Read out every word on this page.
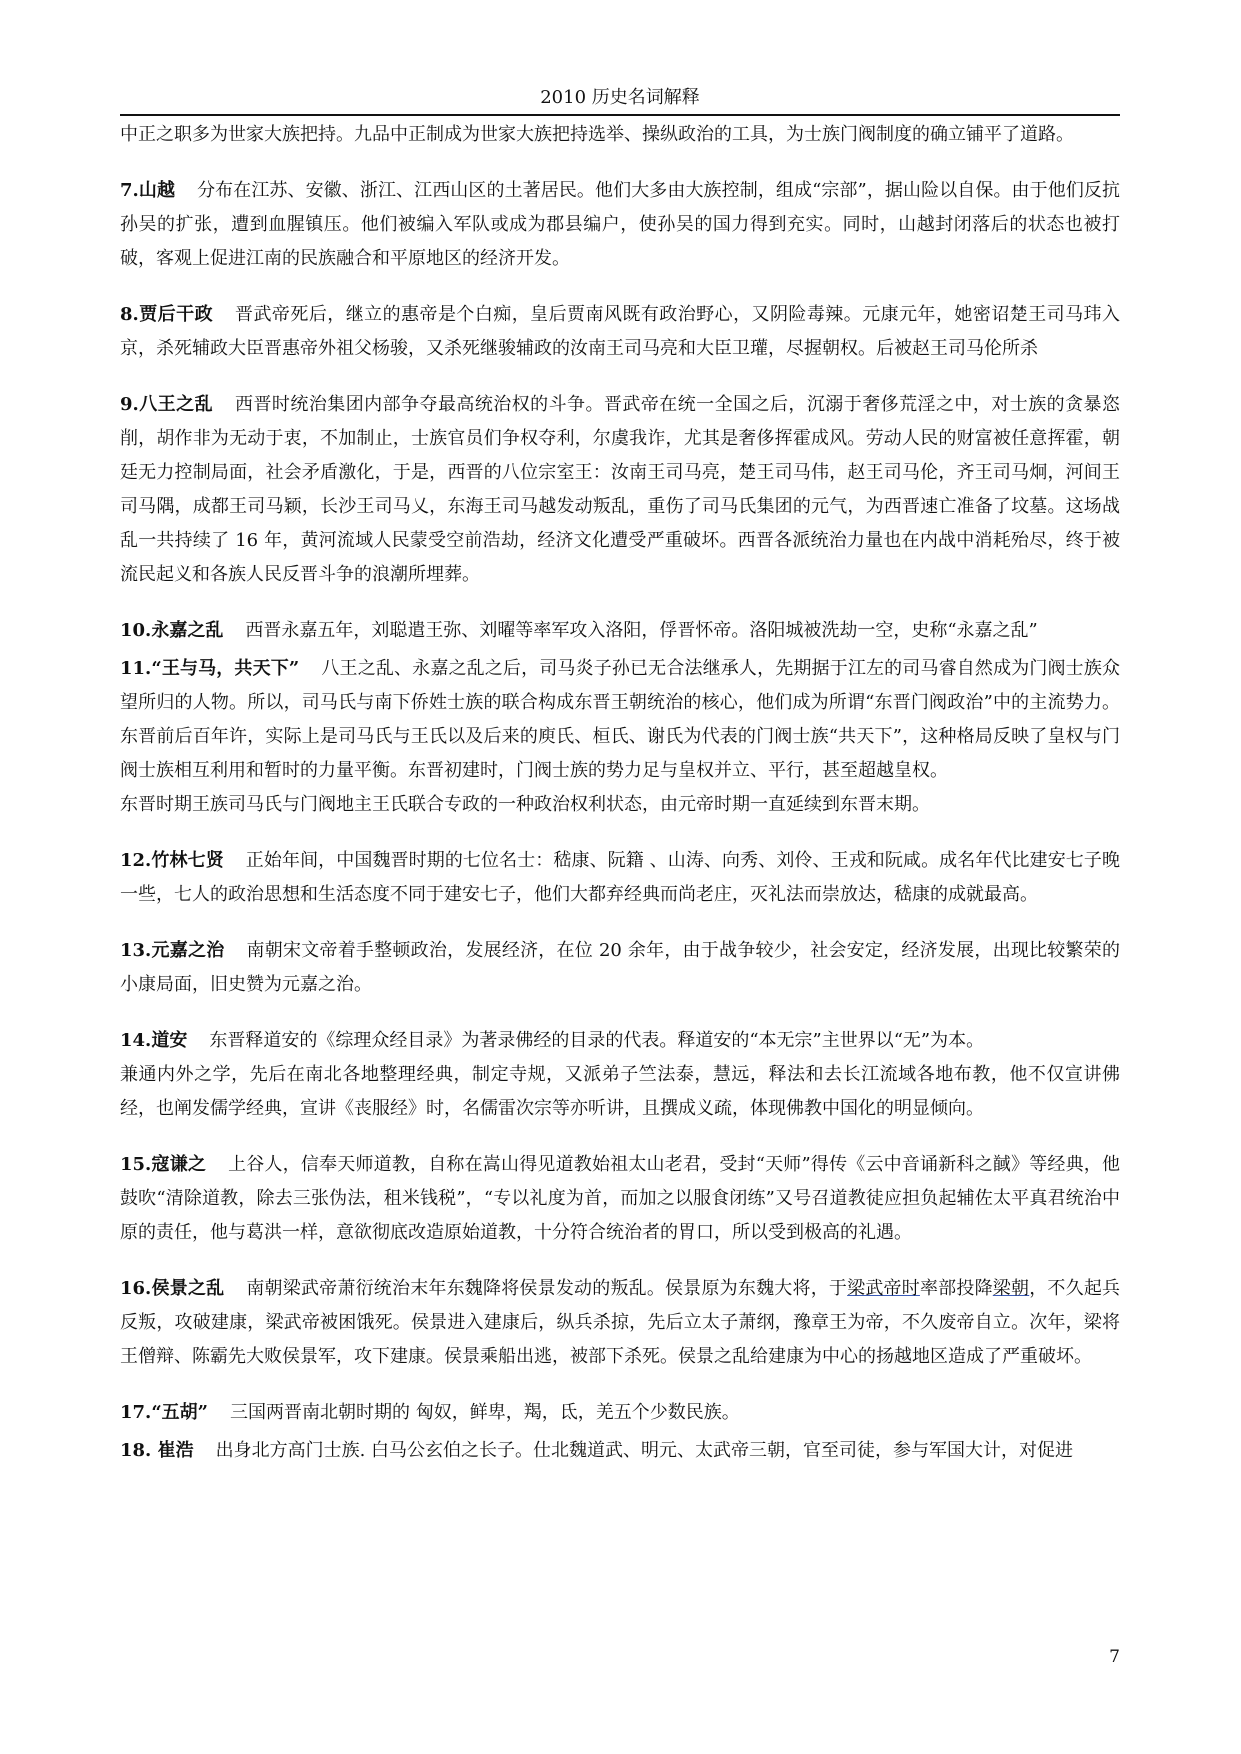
2010 历史名词解释

中正之职多为世家大族把持。九品中正制成为世家大族把持选举、操纵政治的工具，为士族门阀制度的确立铺平了道路。

7.山越 分布在江苏、安徽、浙江、江西山区的土著居民。他们大多由大族控制，组成“宗部”，据山险以自保。由于他们反抗孙吴的扩张，遭到血腥镇压。他们被编入军队或成为郡县编户，使孙吴的国力得到充实。同时，山越封闭落后的状态也被打破，客观上促进江南的民族融合和平原地区的经济开发。

8.贾后干政 晋武帝死后，继立的惠帝是个白痴，皇后贾南风既有政治野心，又阴险毒辣。元康元年，她密诏楚王司马玮入京，杀死辅政大臣晋惠帝外祖父杨骏，又杀死继骏辅政的汝南王司马亮和大臣卫瓘，尽握朝权。后被赵王司马伦所杀

9.八王之乱 西晋时统治集团内部争夺最高统治权的斗争。晋武帝在统一全国之后，沉溺于奢侈荒淫之中，对士族的贪暴恣削，胡作非为无动于衷，不加制止，士族官员们争权夺利，尔虞我诈，尤其是奢侈挥霍成风。劳动人民的财富被任意挥霍，朝廷无力控制局面，社会矛盾激化，于是，西晋的八位宗室王：汝南王司马亮，楚王司马伟，赵王司马伦，齐王司马炯，河间王司马隅，成都王司马颖，长沙王司马乂，东海王司马越发动叛乱，重伤了司马氏集团的元气，为西晋速亡准备了坟墓。这场战乱一共持续了 16 年，黄河流域人民蒙受空前浩劫，经济文化遭受严重破坏。西晋各派统治力量也在内战中消耗殆尽，终于被流民起义和各族人民反晋斗争的浪潮所埋葬。

10.永嘉之乱 西晋永嘉五年，刘聪遣王弥、刘曜等率军攻入洛阳，俘晋怀帝。洛阳城被洗劫一空，史称“永嘉之乱”

11.“王与马，共天下” 八王之乱、永嘉之乱之后，司马炎子孙已无合法继承人，先期据于江左的司马睿自然成为门阀士族众望所归的人物。所以，司马氏与南下侨姓士族的联合构成东晋王朝统治的核心，他们成为所谓“东晋门阀政治”中的主流势力。东晋前后百年许，实际上是司马氏与王氏以及后来的庾氏、桓氏、谢氏为代表的门阀士族“共天下”，这种格局反映了皇权与门阀士族相互利用和暂时的力量平衡。东晋初建时，门阀士族的势力足与皇权并立、平行，甚至超越皇权。

东晋时期王族司马氏与门阀地主王氏联合专政的一种政治权利状态，由元帝时期一直延续到东晋末期。

12.竹林七贤 正始年间，中国魏晋时期的七位名士：嵇康、阮籍 、山涛、向秀、刘伶、王戎和阮咸。成名年代比建安七子晚一些，七人的政治思想和生活态度不同于建安七子，他们大都弃经典而尚老庄，灭礼法而崇放达，嵇康的成就最高。

13.元嘉之治 南朝宋文帝着手整顿政治，发展经济，在位 20 余年，由于战争较少，社会安定，经济发展，出现比较繁荣的小康局面，旧史赞为元嘉之治。

14.道安 东晋释道安的《综理众经目录》为著录佛经的目录的代表。释道安的“本无宗”主世界以“无”为本。

兼通内外之学，先后在南北各地整理经典，制定寺规，又派弟子竺法泰，慧远，释法和去长江流域各地布教，他不仅宣讲佛经，也阐发儒学经典，宣讲《丧服经》时，名儒雷次宗等亦听讲，且撰成义疏，体现佛教中国化的明显倾向。

15.寇谦之 上谷人，信奉天师道教，自称在嵩山得见道教始祖太山老君，受封“天师”得传《云中音诵新科之馘》等经典，他鼓吹“清除道教，除去三张伪法，租米钱税”，“专以礼度为首，而加之以服食闭练”又号召道教徒应担负起辅佐太平真君统治中原的责任，他与葛洪一样，意欲彻底改造原始道教，十分符合统治者的胃口，所以受到极高的礼遇。

16.侯景之乱 南朝梁武帝萧衍统治末年东魏降将侯景发动的叛乱。侯景原为东魏大将，于梁武帝时率部投降梁朝，不久起兵反叛，攻破建康，梁武帝被困饿死。侯景进入建康后，纵兵杀掠，先后立太子萧纲，豫章王为帝，不久废帝自立。次年，梁将王僧辩、陈霸先大败侯景军，攻下建康。侯景乘船出逃，被部下杀死。侯景之乱给建康为中心的扬越地区造成了严重破坏。

17.“五胡” 三国两晋南北朝时期的 匈奴，鲜卑，羯，氐，羌五个少数民族。

18. 崔浩 出身北方高门士族. 白马公玄伯之长子。仕北魏道武、明元、太武帝三朝，官至司徒，参与军国大计，对促进

7
